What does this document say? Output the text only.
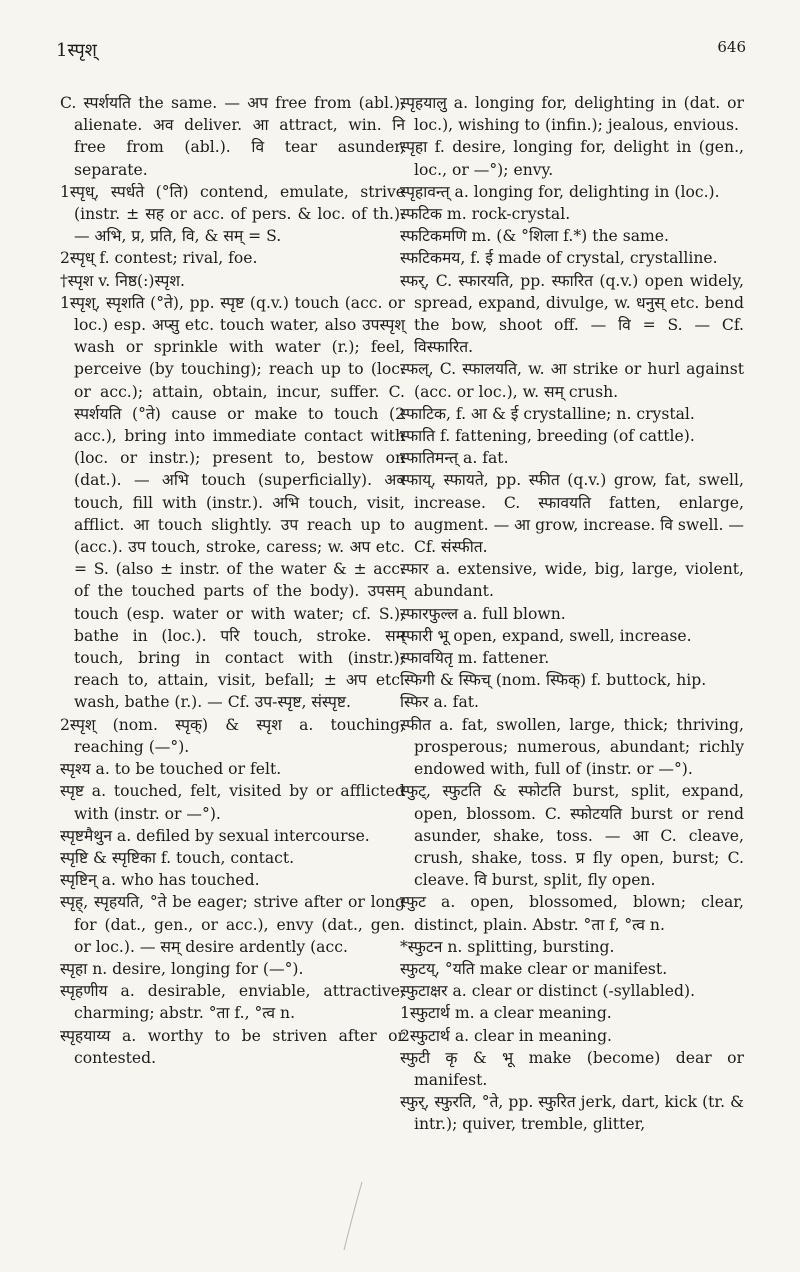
1स्पृश्	646

C. स्पर्शयति the same. — अप free from (abl.), alienate. अव deliver. आ attract, win. नि free from (abl.). वि tear asunder, separate.

1स्पृध्, स्पर्धते (°ति) contend, emulate, strive (instr. ± सह or acc. of pers. & loc. of th.). — अभि, प्र, प्रति, वि, & सम् = S.

2स्पृध् f. contest; rival, foe.

†स्पृश v. निष्ठ(:)स्पृश.

1स्पृश्, स्पृशति (°ते), pp. स्पृष्ट (q.v.) touch (acc. or loc.) esp. अप्सु etc. touch water, also उपस्पृश् wash or sprinkle with water (r.); feel, perceive (by touching); reach up to (loc. or acc.); attain, obtain, incur, suffer. C. स्पर्शयति (°ते) cause or make to touch (2 acc.), bring into immediate contact with (loc. or instr.); present to, bestow on (dat.). — अभि touch (superficially). अव touch, fill with (instr.). अभि touch, visit, afflict. आ touch slightly. उप reach up to (acc.). उप touch, stroke, caress; w. अप etc. = S. (also ± instr. of the water & ± acc. of the touched parts of the body). उपसम् touch (esp. water or with water; cf. S.), bathe in (loc.). परि touch, stroke. सम् touch, bring in contact with (instr.); reach to, attain, visit, befall; ± अप etc. wash, bathe (r.). — Cf. उप-स्पृष्ट, संस्पृष्ट.

2स्पृश् (nom. स्पृक्) & स्पृश a. touching, reaching (—°).

स्पृश्य a. to be touched or felt.

स्पृष्ट a. touched, felt, visited by or afflicted with (instr. or —°).

स्पृष्टमैथुन a. defiled by sexual intercourse.

स्पृष्टि & स्पृष्टिका f. touch, contact.

स्पृष्टिन् a. who has touched.

स्पृह्, स्पृहयति, °ते be eager; strive after or long for (dat., gen., or acc.), envy (dat., gen. or loc.). — सम् desire ardently (acc.

स्पृहा n. desire, longing for (—°).

स्पृहणीय a. desirable, enviable, attractive, charming; abstr. °ता f., °त्व n.

स्पृहयाय्य a. worthy to be striven after or contested.

स्पृहयालु a. longing for, delighting in (dat. or loc.), wishing to (infin.); jealous, envious.

स्पृहा f. desire, longing for, delight in (gen., loc., or —°); envy.

स्पृहावन्त् a. longing for, delighting in (loc.).

स्फटिक m. rock-crystal.

स्फटिकमणि m. (& °शिला f.*) the same.

स्फटिकमय, f. ई made of crystal, crystalline.

स्फर्, C. स्फारयति, pp. स्फारित (q.v.) open widely, spread, expand, divulge, w. धनुस् etc. bend the bow, shoot off. — वि = S. — Cf. विस्फारित.

स्फल्, C. स्फालयति, w. आ strike or hurl against (acc. or loc.), w. सम् crush.

स्फाटिक, f. आ & ई crystalline; n. crystal.

स्फाति f. fattening, breeding (of cattle).

स्फातिमन्त् a. fat.

स्फाय्, स्फायते, pp. स्फीत (q.v.) grow, fat, swell, increase. C. स्फावयति fatten, enlarge, augment. — आ grow, increase. वि swell. — Cf. संस्फीत.

स्फार a. extensive, wide, big, large, violent, abundant.

स्फारफुल्ल a. full blown.

स्फारी भू open, expand, swell, increase.

स्फावयितृ m. fattener.

स्फिगी & स्फिच् (nom. स्फिक्) f. buttock, hip.

स्फिर a. fat.

स्फीत a. fat, swollen, large, thick; thriving, prosperous; numerous, abundant; richly endowed with, full of (instr. or —°).

स्फुट्, स्फुटति & स्फोटति burst, split, expand, open, blossom. C. स्फोटयति burst or rend asunder, shake, toss. — आ C. cleave, crush, shake, toss. प्र fly open, burst; C. cleave. वि burst, split, fly open.

स्फुट a. open, blossomed, blown; clear, distinct, plain. Abstr. °ता f, °त्व n.

*स्फुटन n. splitting, bursting.

स्फुटय्, °यति make clear or manifest.

स्फुटाक्षर a. clear or distinct (-syllabled).

1स्फुटार्थ m. a clear meaning.

2स्फुटार्थ a. clear in meaning.

स्फुटी कृ & भू make (become) dear or manifest.

स्फुर्, स्फुरति, °ते, pp. स्फुरित jerk, dart, kick (tr. & intr.); quiver, tremble, glitter,
